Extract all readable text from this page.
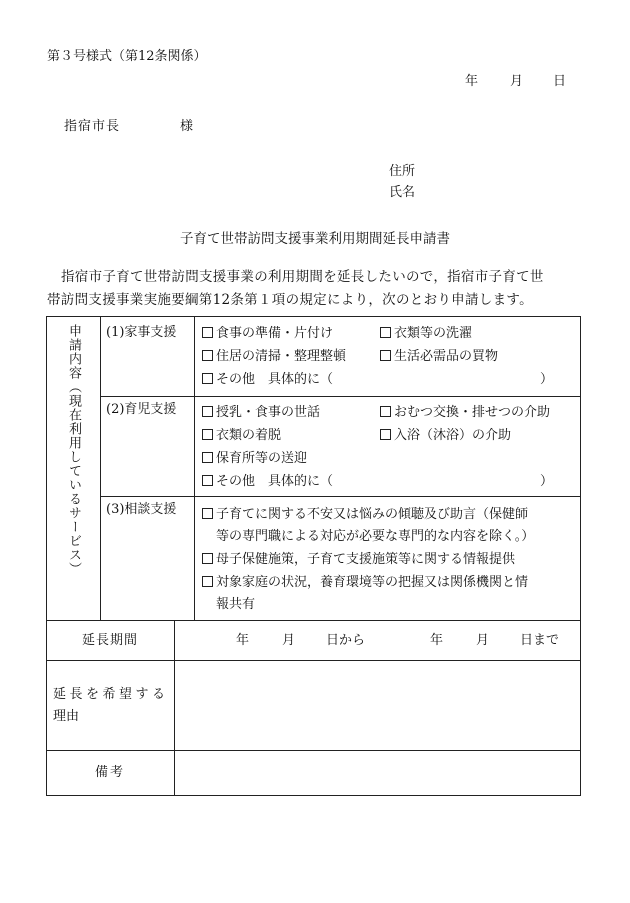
第３号様式（第12条関係）
年 月 日
指宿市長	様
住所
氏名
子育て世帯訪問支援事業利用期間延長申請書
指宿市子育て世帯訪問支援事業の利用期間を延長したいので，指宿市子育て世
帯訪問支援事業実施要綱第12条第１項の規定により，次のとおり申請します。
申請内容（現在利用しているサービス） (1)家事支援	食事の準備・片付け	衣類等の洗濯
住居の清掃・整理整頓	生活必需品の買物
その他　具体的に（	）
(2)育児支援	授乳・食事の世話	おむつ交換・排せつの介助
衣類の着脱	入浴（沐浴）の介助
保育所等の送迎
その他　具体的に（	）
(3)相談支援	子育てに関する不安又は悩みの傾聴及び助言（保健師
等の専門職による対応が必要な専門的な内容を除く。）
母子保健施策，子育て支援施策等に関する情報提供
対象家庭の状況，養育環境等の把握又は関係機関と情
報共有
延長期間	年	月 日から	年	月 日まで
延長を希望する
理由
備考
